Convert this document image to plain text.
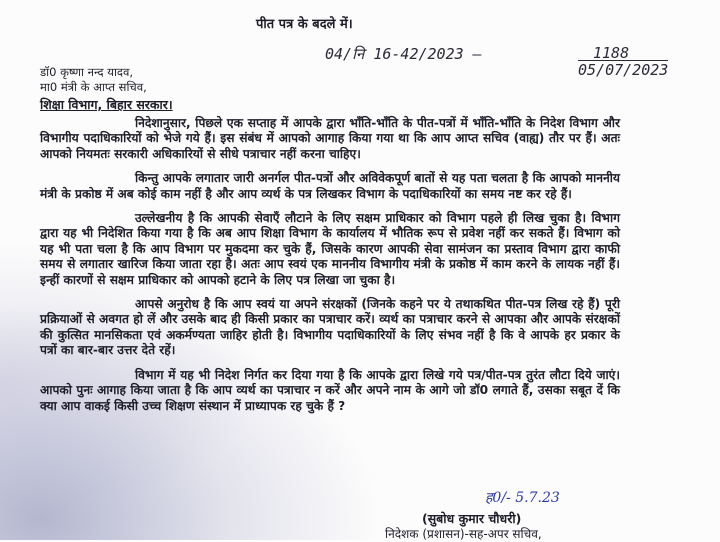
पीत पत्र के बदले में।
04/नि 16-42/2023 —	1188
05/07/2023
डॉ0 कृष्णा नन्द यादव,
मा0 मंत्री के आप्त सचिव,
शिक्षा विभाग, बिहार सरकार।

निदेशानुसार, पिछले एक सप्ताह में आपके द्वारा भाँति-भाँति के पीत-पत्रों में भाँति-भाँति के निदेश विभाग और विभागीय पदाधिकारियों को भेजे गये हैं। इस संबंध में आपको आगाह किया गया था कि आप आप्त सचिव (वाह्य) तौर पर हैं। अतः आपको नियमतः सरकारी अधिकारियों से सीधे पत्राचार नहीं करना चाहिए।

किन्तु आपके लगातार जारी अनर्गल पीत-पत्रों और अविवेकपूर्ण बातों से यह पता चलता है कि आपको माननीय मंत्री के प्रकोष्ठ में अब कोई काम नहीं है और आप व्यर्थ के पत्र लिखकर विभाग के पदाधिकारियों का समय नष्ट कर रहे हैं।

उल्लेखनीय है कि आपकी सेवाएँ लौटाने के लिए सक्षम प्राधिकार को विभाग पहले ही लिख चुका है। विभाग द्वारा यह भी निदेशित किया गया है कि अब आप शिक्षा विभाग के कार्यालय में भौतिक रूप से प्रवेश नहीं कर सकते हैं। विभाग को यह भी पता चला है कि आप विभाग पर मुकदमा कर चुके हैं, जिसके कारण आपकी सेवा सामंजन का प्रस्ताव विभाग द्वारा काफी समय से लगातार खारिज किया जाता रहा है। अतः आप स्वयं एक माननीय विभागीय मंत्री के प्रकोष्ठ में काम करने के लायक नहीं हैं। इन्हीं कारणों से सक्षम प्राधिकार को आपको हटाने के लिए पत्र लिखा जा चुका है।

आपसे अनुरोध है कि आप स्वयं या अपने संरक्षकों (जिनके कहने पर ये तथाकथित पीत-पत्र लिख रहे हैं) पूरी प्रक्रियाओं से अवगत हो लें और उसके बाद ही किसी प्रकार का पत्राचार करें। व्यर्थ का पत्राचार करने से आपका और आपके संरक्षकों की कुत्सित मानसिकता एवं अकर्मण्यता जाहिर होती है। विभागीय पदाधिकारियों के लिए संभव नहीं है कि वे आपके हर प्रकार के पत्रों का बार-बार उत्तर देते रहें।

विभाग में यह भी निदेश निर्गत कर दिया गया है कि आपके द्वारा लिखे गये पत्र/पीत-पत्र तुरंत लौटा दिये जाएं। आपको पुनः आगाह किया जाता है कि आप व्यर्थ का पत्राचार न करें और अपने नाम के आगे जो डॉ0 लगाते हैं, उसका सबूत दें कि क्या आप वाकई किसी उच्च शिक्षण संस्थान में प्राध्यापक रह चुके हैं ?

ह0/- 5.7.23
(सुबोध कुमार चौधरी)
निदेशक (प्रशासन)-सह-अपर सचिव,
